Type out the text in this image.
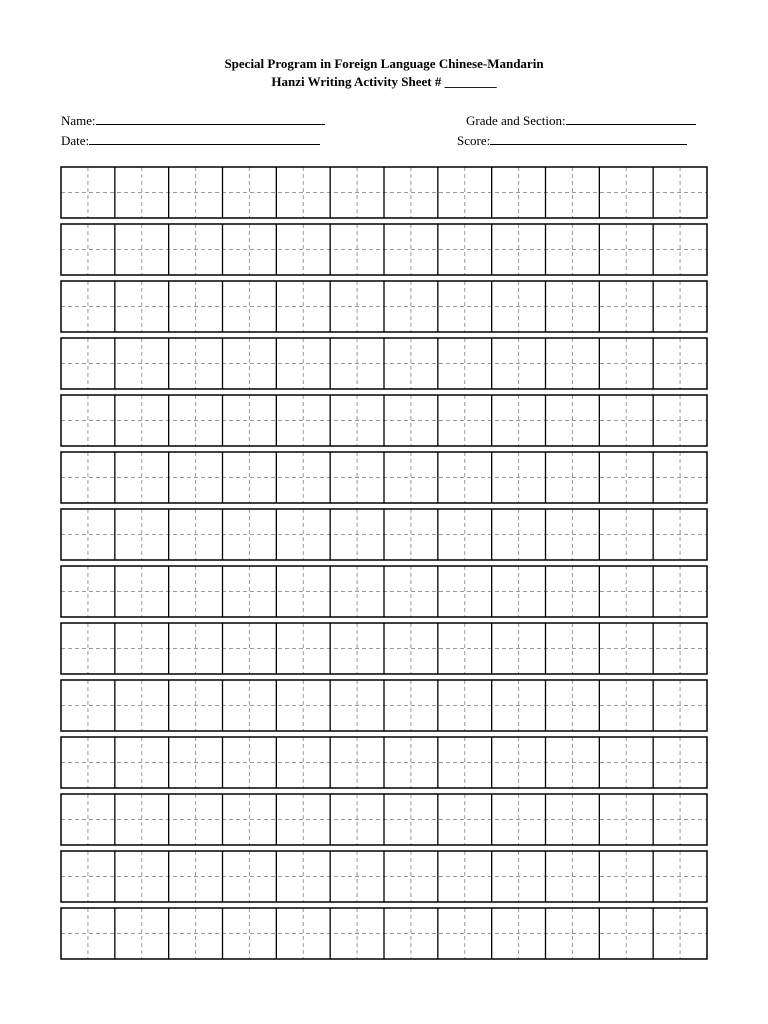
Special Program in Foreign Language Chinese-Mandarin
Hanzi Writing Activity Sheet # ________
Name:
Date:
Grade and Section:
Score:
